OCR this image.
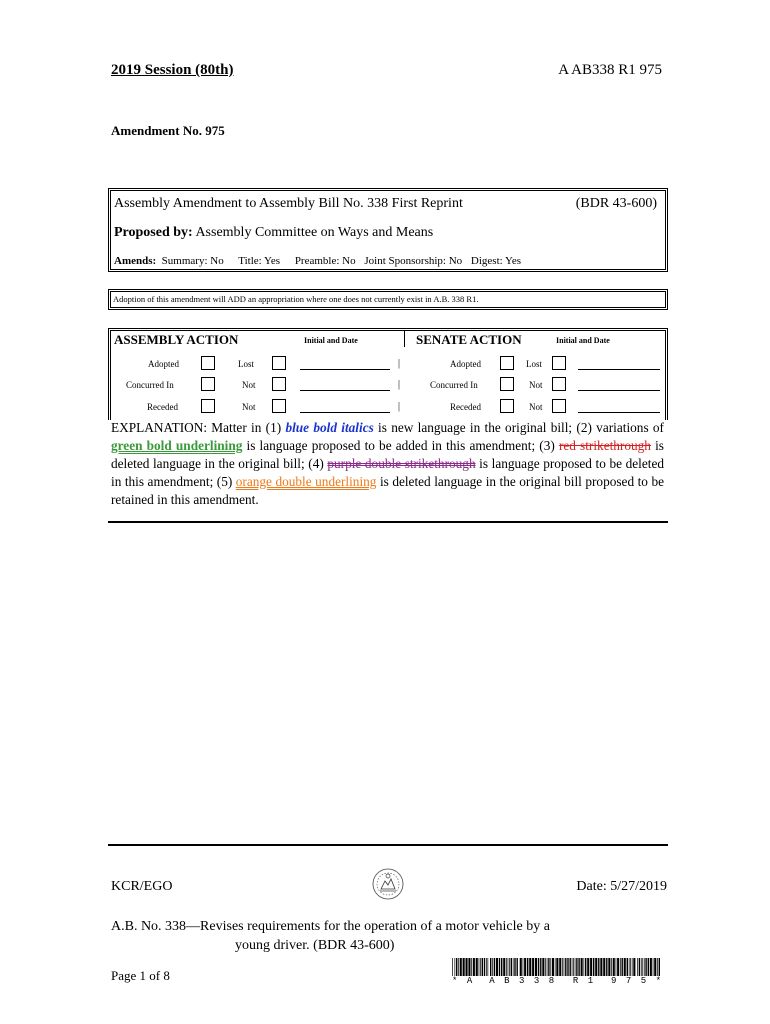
2019 Session (80th)	A AB338 R1 975
Amendment No. 975
Assembly Amendment to Assembly Bill No. 338 First Reprint	(BDR 43-600)
Proposed by: Assembly Committee on Ways and Means
Amends: Summary: No Title: Yes Preamble: No Joint Sponsorship: No Digest: Yes
Adoption of this amendment will ADD an appropriation where one does not currently exist in A.B. 338 R1.
ASSEMBLY ACTION	Initial and Date	SENATE ACTION	Initial and Date
Adopted	Lost	|	Adopted	Lost
Concurred In	Not	|	Concurred In	Not
Receded	Not	|	Receded	Not
EXPLANATION: Matter in (1) blue bold italics is new language in the original bill; (2) variations of green bold underlining is language proposed to be added in this amendment; (3) red strikethrough is deleted language in the original bill; (4) purple double strikethrough is language proposed to be deleted in this amendment; (5) orange double underlining is deleted language in the original bill proposed to be retained in this amendment.
KCR/EGO	Date: 5/27/2019
A.B. No. 338—Revises requirements for the operation of a motor vehicle by a
young driver. (BDR 43-600)
Page 1 of 8	* A A B 3 3 8 R 1 9 7 5 *
